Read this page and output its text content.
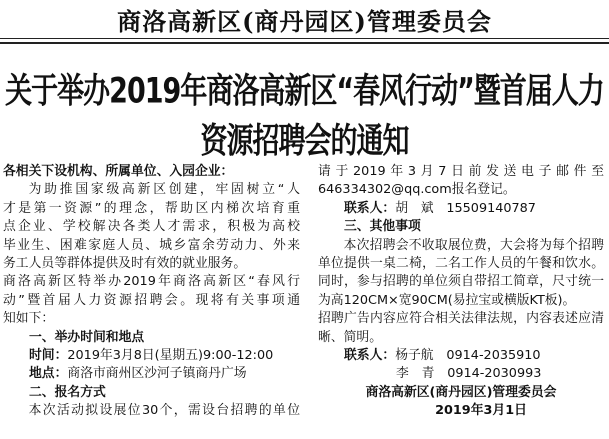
商洛高新区(商丹园区)管理委员会
关于举办2019年商洛高新区“春风行动”暨首届人力资源招聘会的通知

各相关下设机构、所属单位、入园企业：

为助推国家级高新区创建，牢固树立“人

才是第一资源”的理念，帮助区内梯次培育重

点企业、学校解决各类人才需求，积极为高校

毕业生、困难家庭人员、城乡富余劳动力、外来

务工人员等群体提供及时有效的就业服务。

商洛高新区特举办2019年商洛高新区“春风行

动”暨首届人力资源招聘会。现将有关事项通

知如下：

一、举办时间和地点

时间：2019年3月8日(星期五)9:00-12:00

地点：商洛市商州区沙河子镇商丹广场

二、报名方式

本次活动拟设展位30个，需设台招聘的单位

请于2019年3月7日前发送电子邮件至

646334302@qq.com报名登记。

联系人：胡　斌　15509140787

三、其他事项

本次招聘会不收取展位费，大会将为每个招聘

单位提供一桌二椅，二名工作人员的午餐和饮水。

同时，参与招聘的单位须自带招工简章，尺寸统一

为高120CM×宽90CM(易拉宝或横版KT板)。

招聘广告内容应符合相关法律法规，内容表述应清

晰、简明。

联系人：杨子航　0914-2035910

李　青　0914-2030993

商洛高新区(商丹园区)管理委员会

2019年3月1日
